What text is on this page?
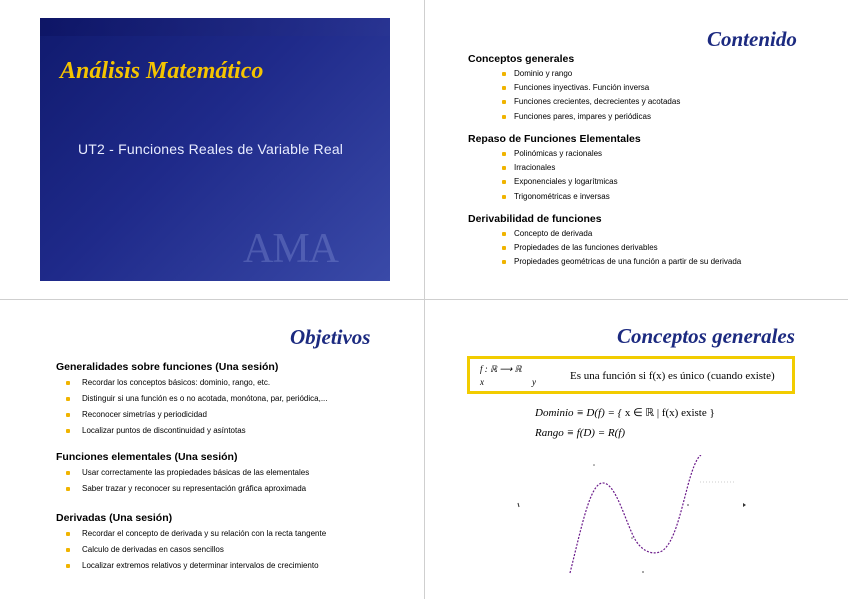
Análisis Matemático
UT2 - Funciones Reales de Variable Real
AMA
Contenido
Conceptos generales
Dominio y rango
Funciones inyectivas. Función inversa
Funciones crecientes, decrecientes y acotadas
Funciones pares, impares y periódicas
Repaso de Funciones Elementales
Polinómicas y racionales
Irracionales
Exponenciales y logarítmicas
Trigonométricas e inversas
Derivabilidad de funciones
Concepto de derivada
Propiedades de las funciones derivables
Propiedades geométricas de una función a partir de su derivada
Objetivos
Generalidades sobre funciones (Una sesión)
Recordar los conceptos básicos: dominio, rango, etc.
Distinguir si una función es o no acotada, monótona, par, periódica,...
Reconocer simetrías y periodicidad
Localizar puntos de discontinuidad y asíntotas
Funciones elementales (Una sesión)
Usar correctamente las propiedades básicas de las elementales
Saber trazar y reconocer su representación gráfica aproximada
Derivadas (Una sesión)
Recordar el concepto de derivada y su relación con la recta tangente
Calculo de derivadas en casos sencillos
Localizar extremos relativos y determinar intervalos de crecimiento
Conceptos generales
f : ℝ ⟶ ℝ
x	y	Es una función si f(x) es único (cuando existe)
Dominio ≡ D(f) = { x ∈ ℝ | f(x) existe }
Rango ≡ f(D) = R(f)
